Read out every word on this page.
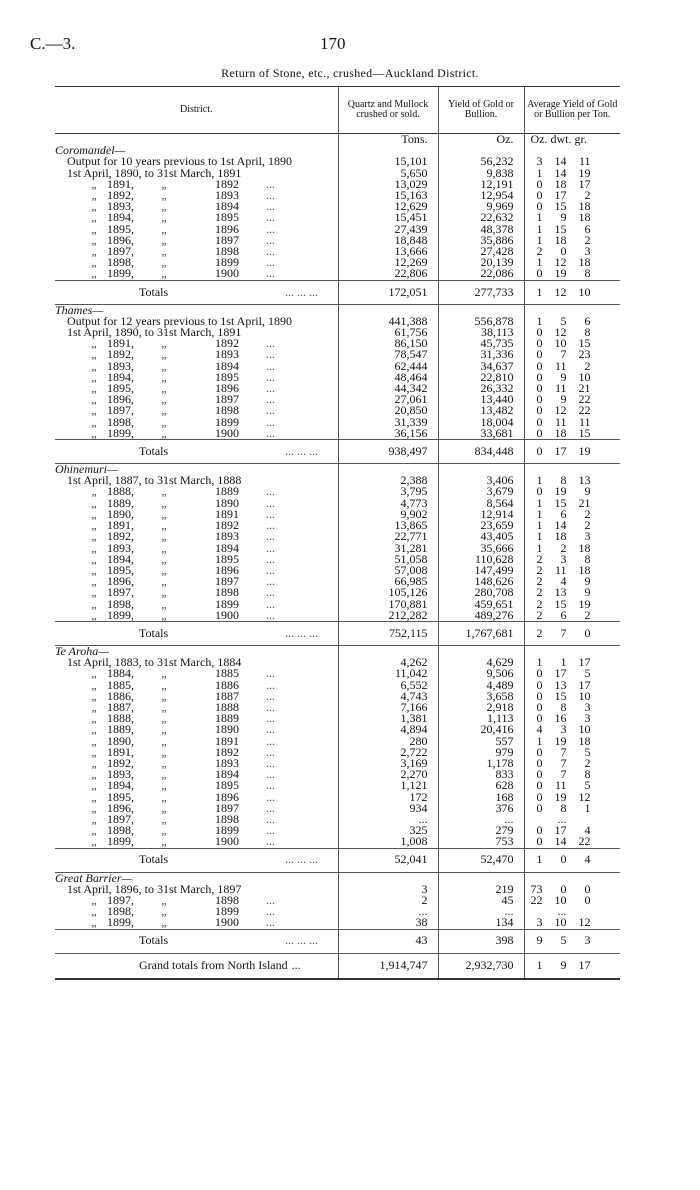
C.—3.	170
Return of Stone, etc., crushed—Auckland District.
District.	Quartz and Mullock crushed or sold.	Yield of Gold or Bullion.	Average Yield of Gold or Bullion per Ton.
	Tons.	Oz.	Oz. dwt. gr.
Coromandel—			
Output for 10 years previous to 1st April, 1890	15,101	56,232	3 14 11
1st April, 1890, to 31st March, 1891	5,650	9,838	1 14 19
„ 1891, „ 1892 ...	13,029	12,191	0 18 17
„ 1892, „ 1893 ...	15,163	12,954	0 17 2
„ 1893, „ 1894 ...	12,629	9,969	0 15 18
„ 1894, „ 1895 ...	15,451	22,632	1 9 18
„ 1895, „ 1896 ...	27,439	48,378	1 15 6
„ 1896, „ 1897 ...	18,848	35,886	1 18 2
„ 1897, „ 1898 ...	13,666	27,428	2 0 3
„ 1898, „ 1899 ...	12,269	20,139	1 12 18
„ 1899, „ 1900 ...	22,806	22,086	0 19 8
Totals ... ... ...	172,051	277,733	1 12 10
Thames—			
Output for 12 years previous to 1st April, 1890	441,388	556,878	1 5 6
1st April, 1890, to 31st March, 1891	61,756	38,113	0 12 8
„ 1891, „ 1892 ...	86,150	45,735	0 10 15
„ 1892, „ 1893 ...	78,547	31,336	0 7 23
„ 1893, „ 1894 ...	62,444	34,637	0 11 2
„ 1894, „ 1895 ...	48,464	22,810	0 9 10
„ 1895, „ 1896 ...	44,342	26,332	0 11 21
„ 1896, „ 1897 ...	27,061	13,440	0 9 22
„ 1897, „ 1898 ...	20,850	13,482	0 12 22
„ 1898, „ 1899 ...	31,339	18,004	0 11 11
„ 1899, „ 1900 ...	36,156	33,681	0 18 15
Totals ... ... ...	938,497	834,448	0 17 19
Ohinemuri—			
1st April, 1887, to 31st March, 1888	2,388	3,406	1 8 13
„ 1888, „ 1889 ...	3,795	3,679	0 19 9
„ 1889, „ 1890 ...	4,773	8,564	1 15 21
„ 1890, „ 1891 ...	9,902	12,914	1 6 2
„ 1891, „ 1892 ...	13,865	23,659	1 14 2
„ 1892, „ 1893 ...	22,771	43,405	1 18 3
„ 1893, „ 1894 ...	31,281	35,666	1 2 18
„ 1894, „ 1895 ...	51,058	110,628	2 3 8
„ 1895, „ 1896 ...	57,008	147,499	2 11 18
„ 1896, „ 1897 ...	66,985	148,626	2 4 9
„ 1897, „ 1898 ...	105,126	280,708	2 13 9
„ 1898, „ 1899 ...	170,881	459,651	2 15 19
„ 1899, „ 1900 ...	212,282	489,276	2 6 2
Totals ... ... ...	752,115	1,767,681	2 7 0
Te Aroha—			
1st April, 1883, to 31st March, 1884	4,262	4,629	1 1 17
„ 1884, „ 1885 ...	11,042	9,506	0 17 5
„ 1885, „ 1886 ...	6,552	4,489	0 13 17
„ 1886, „ 1887 ...	4,743	3,658	0 15 10
„ 1887, „ 1888 ...	7,166	2,918	0 8 3
„ 1888, „ 1889 ...	1,381	1,113	0 16 3
„ 1889, „ 1890 ...	4,894	20,416	4 3 10
„ 1890, „ 1891 ...	280	557	1 19 18
„ 1891, „ 1892 ...	2,722	979	0 7 5
„ 1892, „ 1893 ...	3,169	1,178	0 7 2
„ 1893, „ 1894 ...	2,270	833	0 7 8
„ 1894, „ 1895 ...	1,121	628	0 11 5
„ 1895, „ 1896 ...	172	168	0 19 12
„ 1896, „ 1897 ...	934	376	0 8 1
„ 1897, „ 1898 ...	...	...	...
„ 1898, „ 1899 ...	325	279	0 17 4
„ 1899, „ 1900 ...	1,008	753	0 14 22
Totals ... ... ...	52,041	52,470	1 0 4
Great Barrier—			
1st April, 1896, to 31st March, 1897	3	219	73 0 0
„ 1897, „ 1898 ...	2	45	22 10 0
„ 1898, „ 1899 ...	...	...	...
„ 1899, „ 1900 ...	38	134	3 10 12
Totals ... ... ...	43	398	9 5 3
Grand totals from North Island ...	1,914,747	2,932,730	1 9 17
